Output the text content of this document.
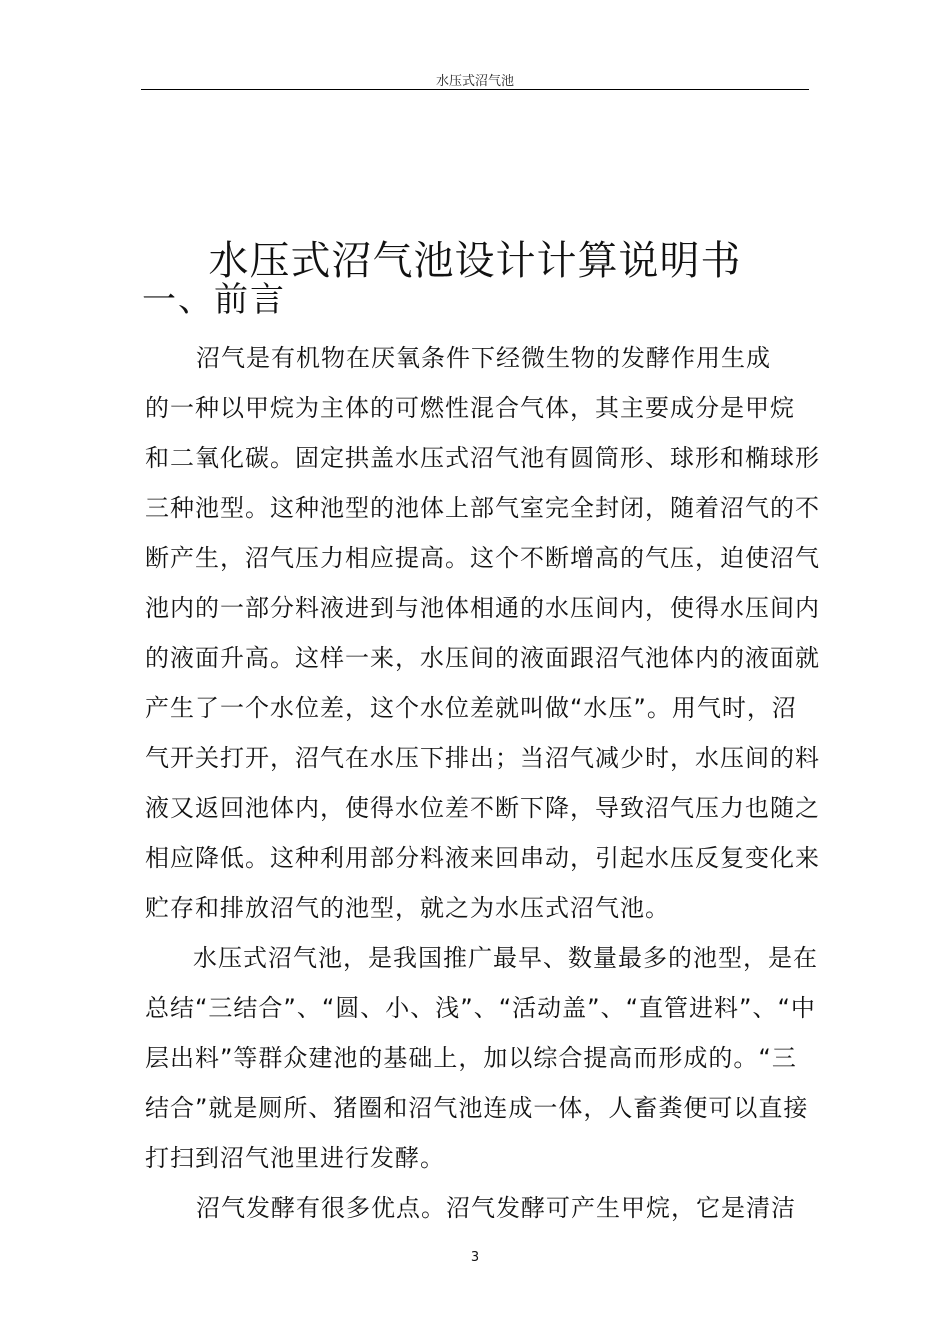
水压式沼气池
水压式沼气池设计计算说明书
一、前言
沼气是有机物在厌氧条件下经微生物的发酵作用生成
的一种以甲烷为主体的可燃性混合气体，其主要成分是甲烷
和二氧化碳。固定拱盖水压式沼气池有圆筒形、球形和椭球形
三种池型。这种池型的池体上部气室完全封闭，随着沼气的不
断产生，沼气压力相应提高。这个不断增高的气压，迫使沼气
池内的一部分料液进到与池体相通的水压间内，使得水压间内
的液面升高。这样一来，水压间的液面跟沼气池体内的液面就
产生了一个水位差，这个水位差就叫做“水压”。用气时，沼
气开关打开，沼气在水压下排出；当沼气减少时，水压间的料
液又返回池体内，使得水位差不断下降，导致沼气压力也随之
相应降低。这种利用部分料液来回串动，引起水压反复变化来
贮存和排放沼气的池型，就之为水压式沼气池。
水压式沼气池，是我国推广最早、数量最多的池型，是在
总结“三结合”、“圆、小、浅”、“活动盖”、“直管进料”、“中
层出料”等群众建池的基础上，加以综合提高而形成的。“三
结合”就是厕所、猪圈和沼气池连成一体，人畜粪便可以直接
打扫到沼气池里进行发酵。
沼气发酵有很多优点。沼气发酵可产生甲烷，它是清洁
3
